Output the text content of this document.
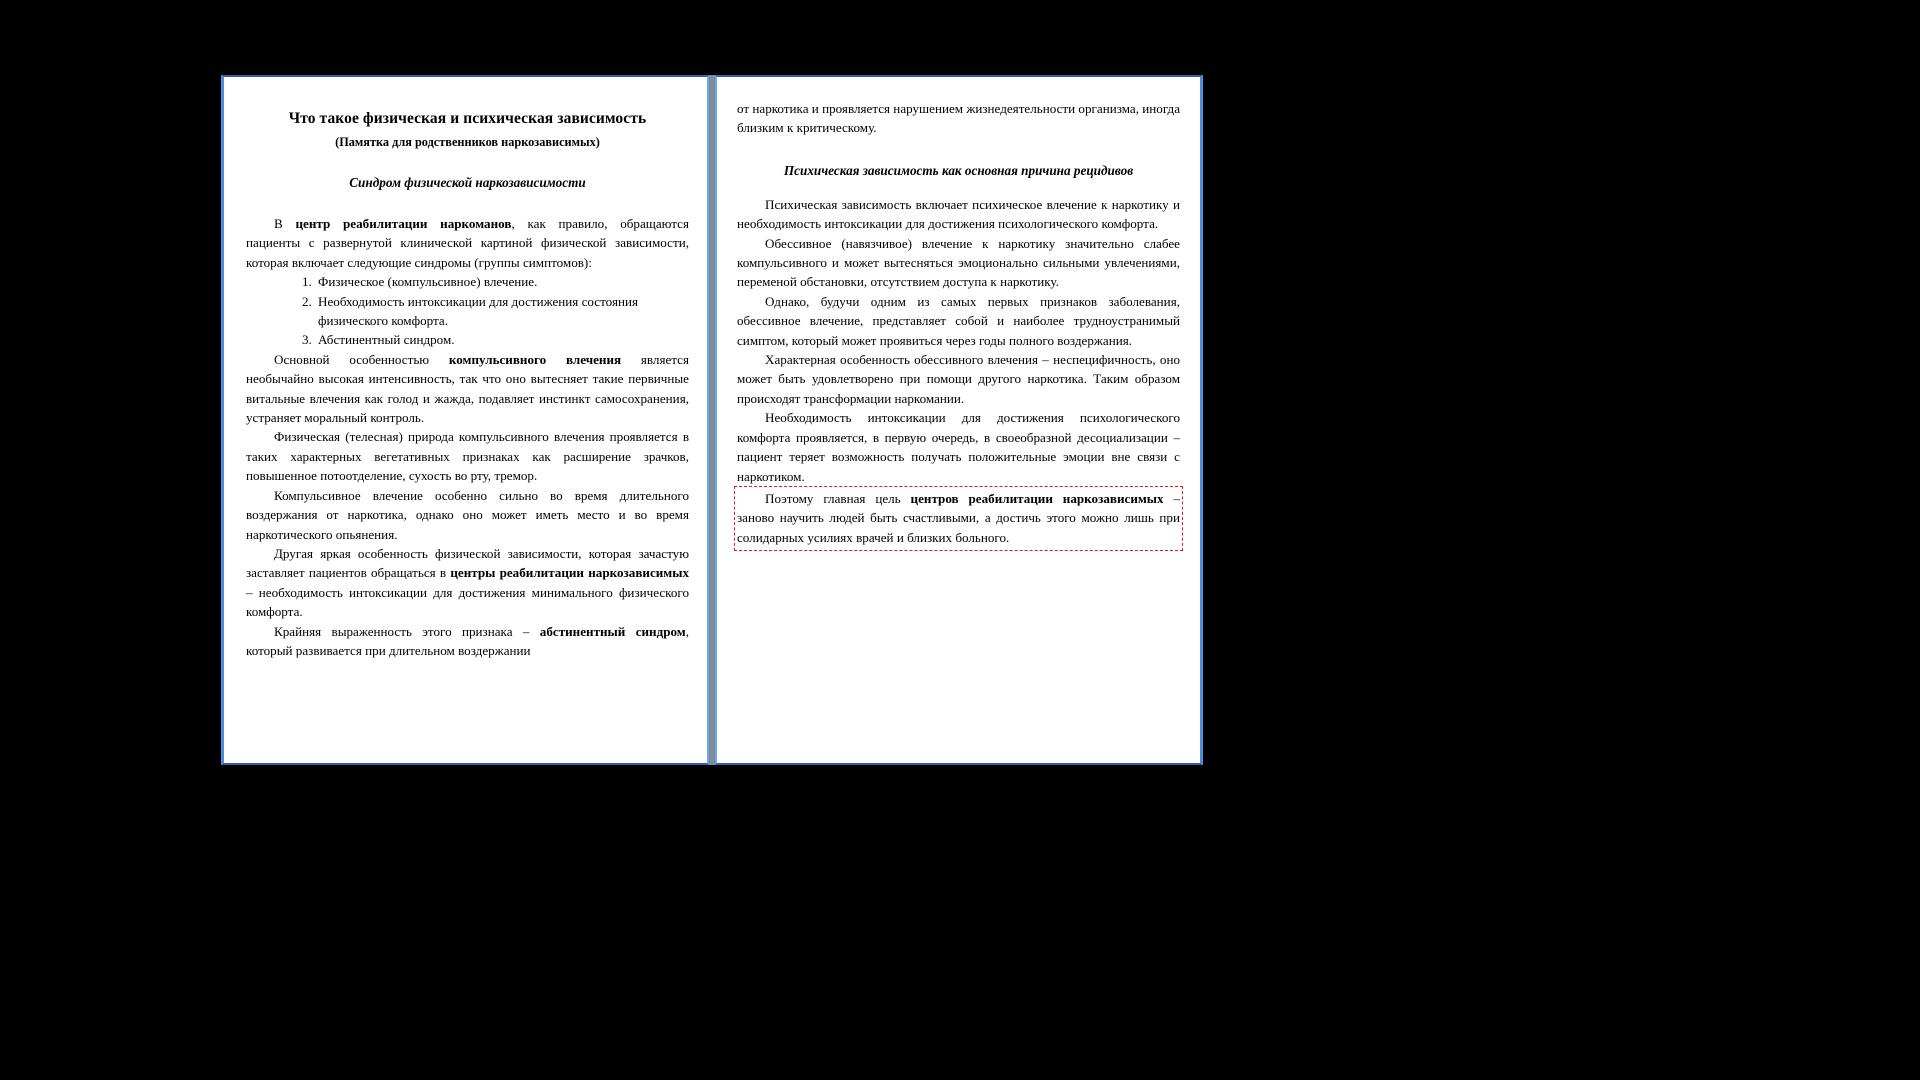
Что такое физическая и психическая зависимость
(Памятка для родственников наркозависимых)
Синдром физической наркозависимости

В центр реабилитации наркоманов, как правило, обращаются пациенты с развернутой клинической картиной физической зависимости, которая включает следующие синдромы (группы симптомов):

Физическое (компульсивное) влечение.
Необходимость интоксикации для достижения состояния физического комфорта.
Абстинентный синдром.

Основной особенностью компульсивного влечения является необычайно высокая интенсивность, так что оно вытесняет такие первичные витальные влечения как голод и жажда, подавляет инстинкт самосохранения, устраняет моральный контроль.

Физическая (телесная) природа компульсивного влечения проявляется в таких характерных вегетативных признаках как расширение зрачков, повышенное потоотделение, сухость во рту, тремор.

Компульсивное влечение особенно сильно во время длительного воздержания от наркотика, однако оно может иметь место и во время наркотического опьянения.

Другая яркая особенность физической зависимости, которая зачастую заставляет пациентов обращаться в центры реабилитации наркозависимых – необходимость интоксикации для достижения минимального физического комфорта.

Крайняя выраженность этого признака – абстинентный синдром, который развивается при длительном воздержании

от наркотика и проявляется нарушением жизнедеятельности организма, иногда близким к критическому.

Психическая зависимость как основная причина рецидивов

Психическая зависимость включает психическое влечение к наркотику и необходимость интоксикации для достижения психологического комфорта.

Обессивное (навязчивое) влечение к наркотику значительно слабее компульсивного и может вытесняться эмоционально сильными увлечениями, переменой обстановки, отсутствием доступа к наркотику.

Однако, будучи одним из самых первых признаков заболевания, обессивное влечение, представляет собой и наиболее трудноустранимый симптом, который может проявиться через годы полного воздержания.

Характерная особенность обессивного влечения – неспецифичность, оно может быть удовлетворено при помощи другого наркотика. Таким образом происходят трансформации наркомании.

Необходимость интоксикации для достижения психологического комфорта проявляется, в первую очередь, в своеобразной десоциализации – пациент теряет возможность получать положительные эмоции вне связи с наркотиком.

Поэтому главная цель центров реабилитации наркозависимых – заново научить людей быть счастливыми, а достичь этого можно лишь при солидарных усилиях врачей и близких больного.
